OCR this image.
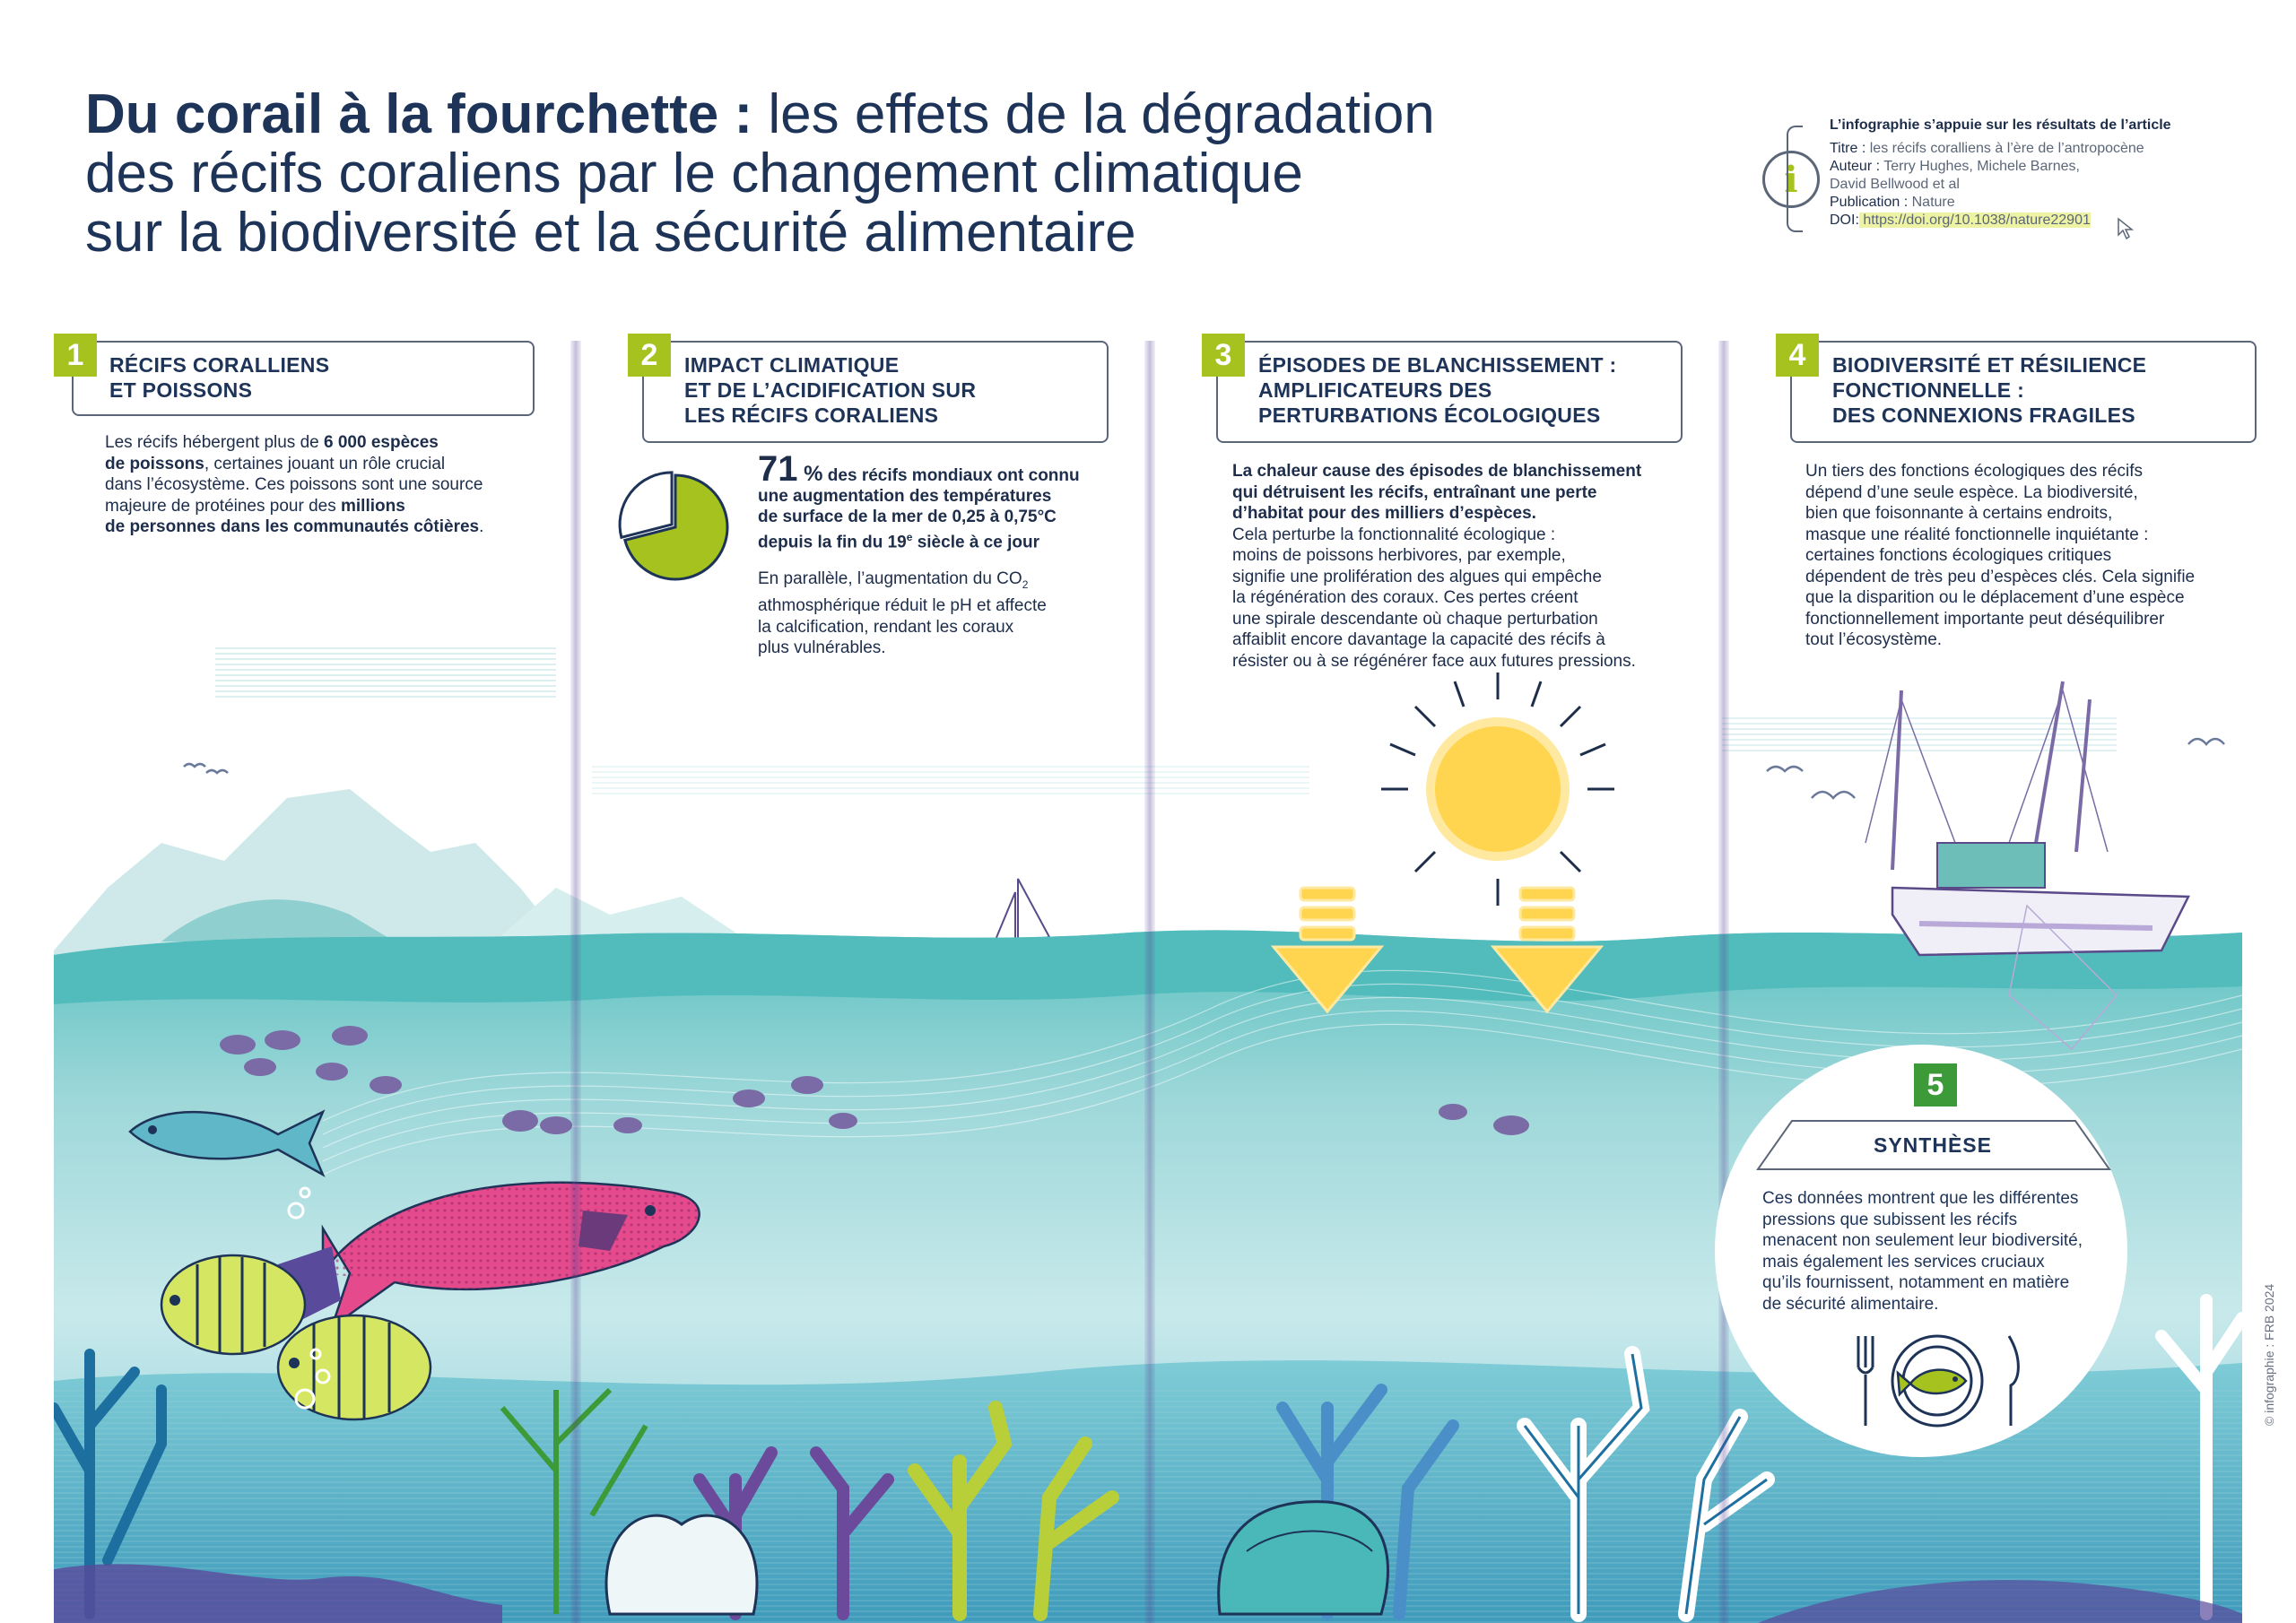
Du corail à la fourchette : les effets de la dégradation
des récifs coraliens par le changement climatique
sur la biodiversité et la sécurité alimentaire
i
L’infographie s’appuie sur les résultats de l’article
Titre : les récifs coralliens à l’ère de l’antropocène
Auteur : Terry Hughes, Michele Barnes,
David Bellwood et al
Publication : Nature
DOI: https://doi.org/10.1038/nature22901
1	RÉCIFS CORALLIENS
ET POISSONS
Les récifs hébergent plus de 6 000 espèces
de poissons, certaines jouant un rôle crucial
dans l’écosystème. Ces poissons sont une source
majeure de protéines pour des millions
de personnes dans les communautés côtières.
2	IMPACT CLIMATIQUE
ET DE L’ACIDIFICATION SUR
LES RÉCIFS CORALIENS
71 % des récifs mondiaux ont connu
une augmentation des températures
de surface de la mer de 0,25 à 0,75°C
depuis la fin du 19e siècle à ce jour
En parallèle, l’augmentation du $CO_2$
athmosphérique réduit le pH et affecte
la calcification, rendant les coraux
plus vulnérables.
3	ÉPISODES DE BLANCHISSEMENT :
AMPLIFICATEURS DES
PERTURBATIONS ÉCOLOGIQUES
La chaleur cause des épisodes de blanchissement
qui détruisent les récifs, entraînant une perte
d’habitat pour des milliers d’espèces.
Cela perturbe la fonctionnalité écologique :
moins de poissons herbivores, par exemple,
signifie une prolifération des algues qui empêche
la régénération des coraux. Ces pertes créent
une spirale descendante où chaque perturbation
affaiblit encore davantage la capacité des récifs à
résister ou à se régénérer face aux futures pressions.
4	BIODIVERSITÉ ET RÉSILIENCE
FONCTIONNELLE :
DES CONNEXIONS FRAGILES
Un tiers des fonctions écologiques des récifs
dépend d’une seule espèce. La biodiversité,
bien que foisonnante à certains endroits,
masque une réalité fonctionnelle inquiétante :
certaines fonctions écologiques critiques
dépendent de très peu d’espèces clés. Cela signifie
que la disparition ou le déplacement d’une espèce
fonctionnellement importante peut déséquilibrer
tout l’écosystème.
5
SYNTHÈSE
Ces données montrent que les différentes
pressions que subissent les récifs
menacent non seulement leur biodiversité,
mais également les services cruciaux
qu’ils fournissent, notamment en matière
de sécurité alimentaire.	© infographie : FRB 2024
